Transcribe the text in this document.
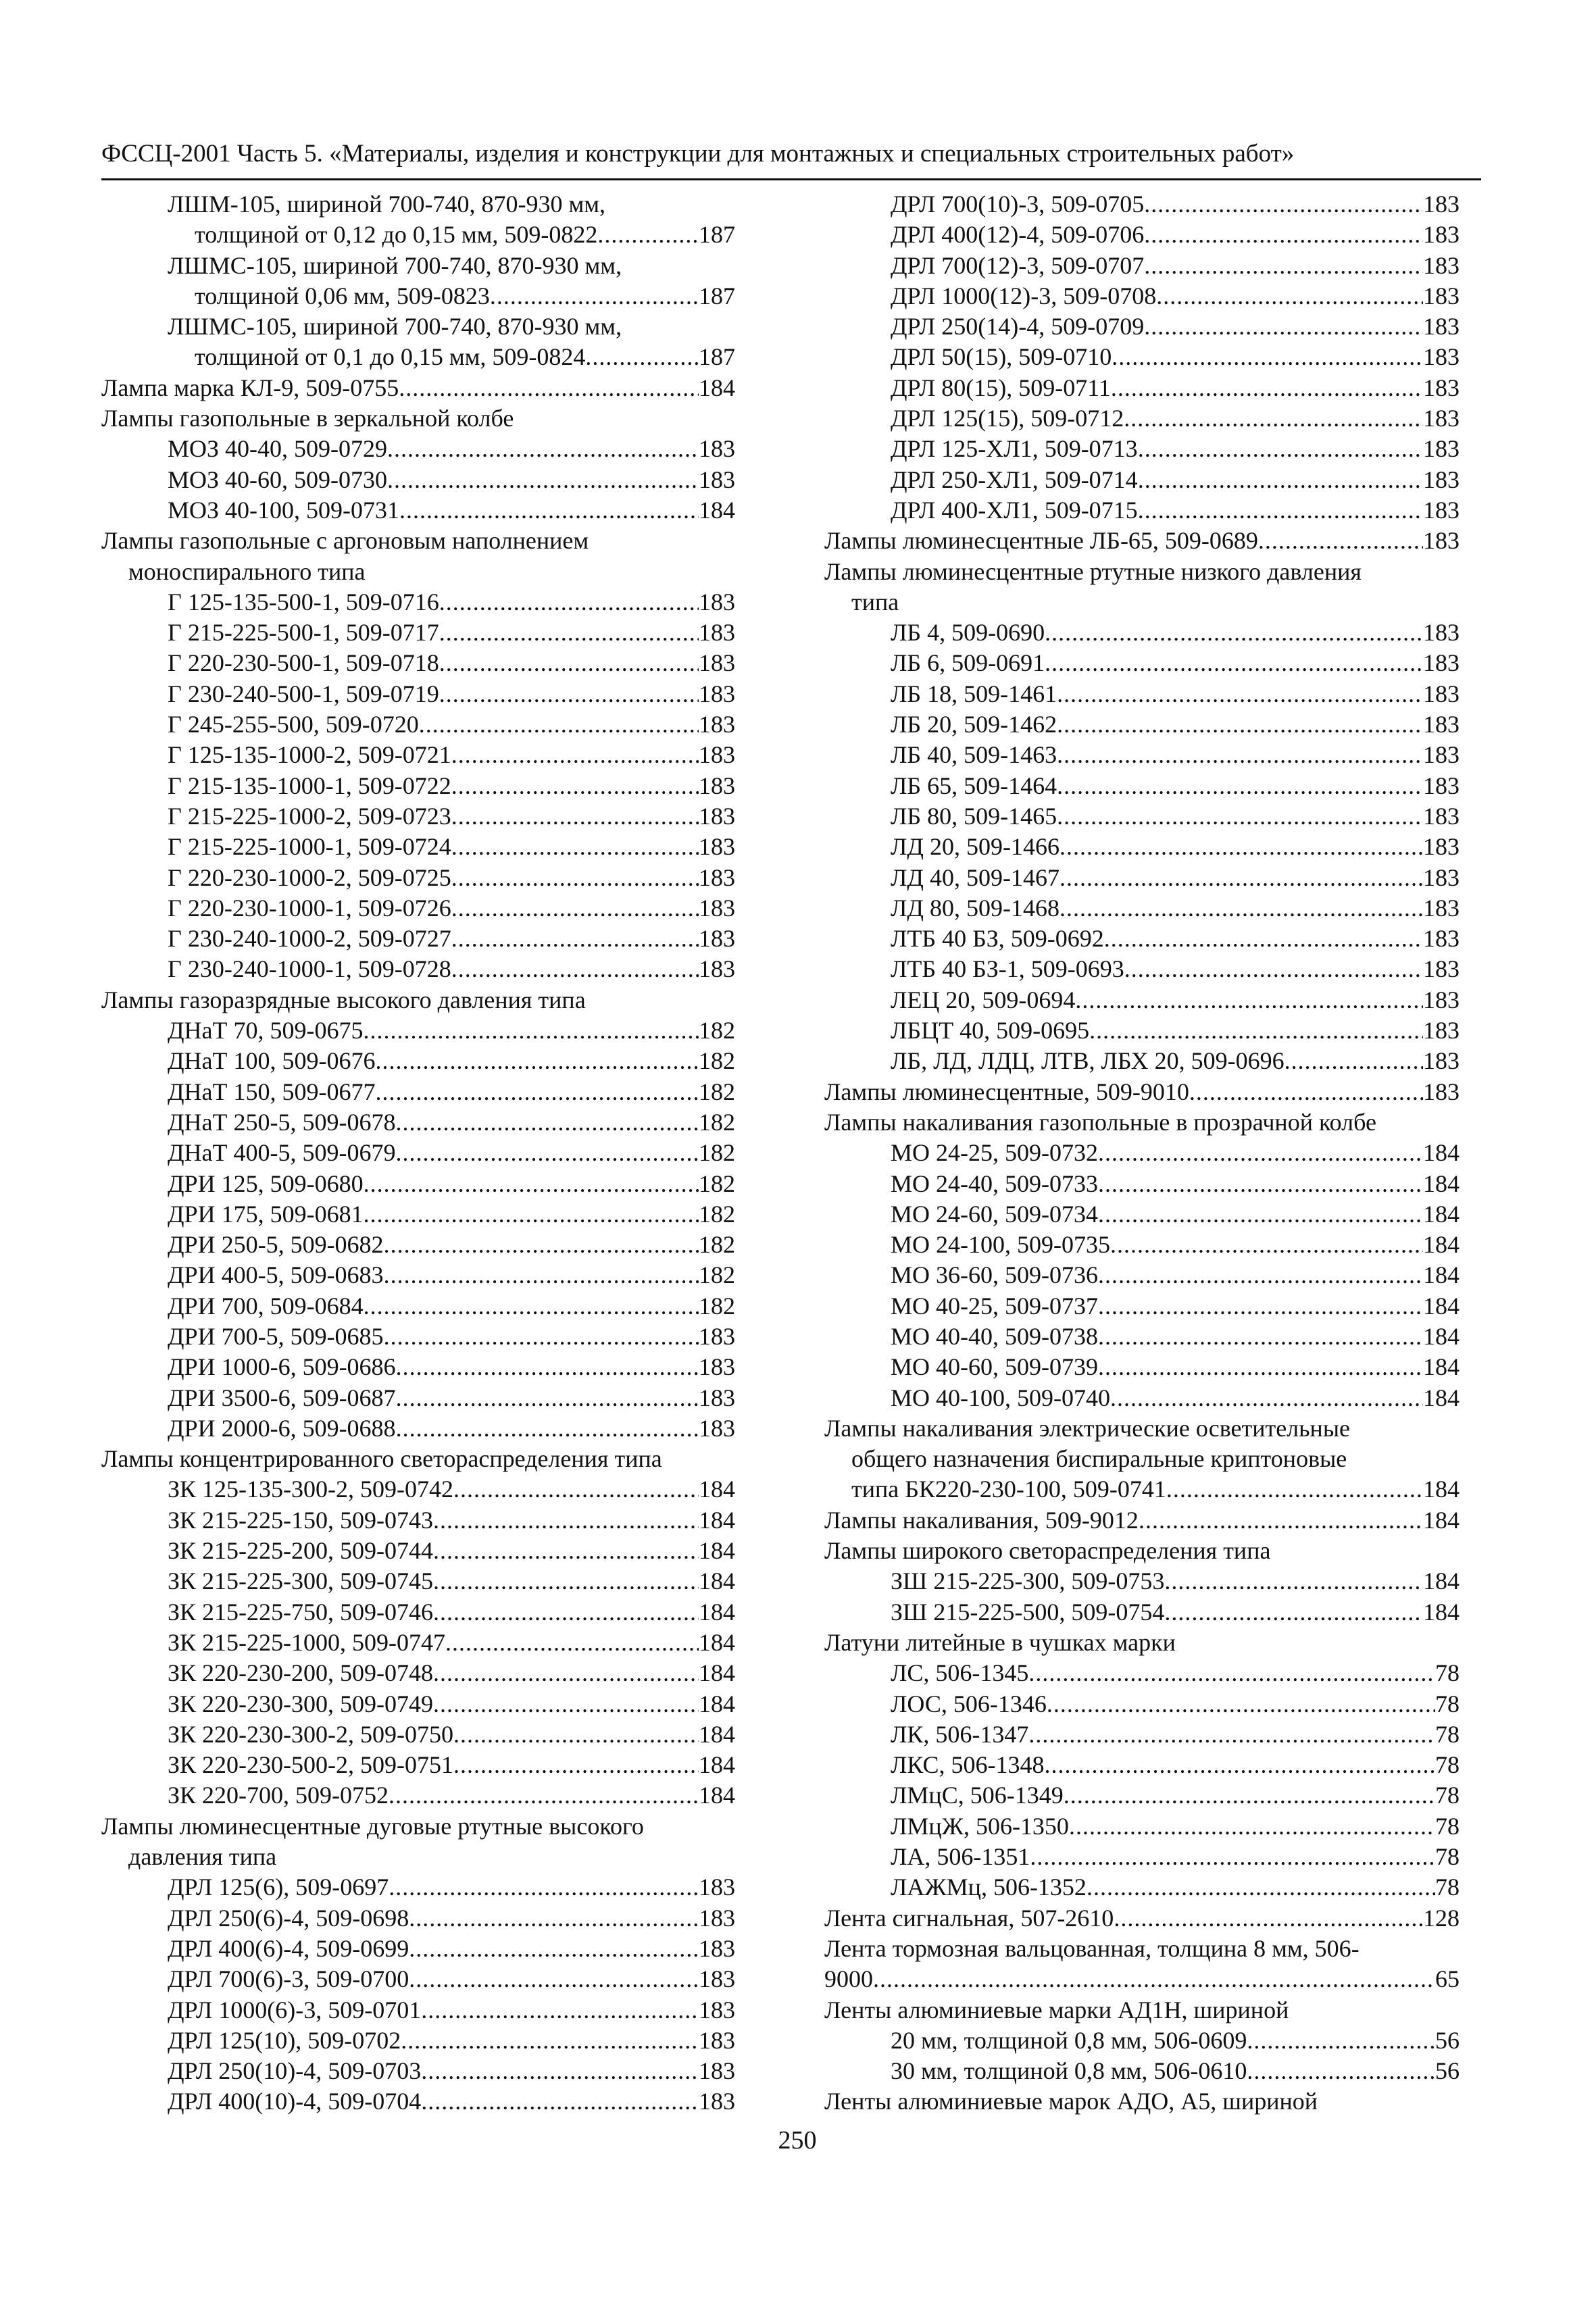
ФССЦ-2001 Часть 5. «Материалы, изделия и конструкции для монтажных и специальных строительных работ»
ЛШМ-105, шириной 700-740, 870-930 мм,
толщиной от 0,12 до 0,15 мм, 509-0822 .....	187
ЛШМС-105, шириной 700-740, 870-930 мм,
толщиной 0,06 мм, 509-0823 .....	187
ЛШМС-105, шириной 700-740, 870-930 мм,
толщиной от 0,1 до 0,15 мм, 509-0824 .....	187
Лампа марка КЛ-9, 509-0755 .....	184
Лампы газопольные в зеркальной колбе
МОЗ 40-40, 509-0729 .....	183
МОЗ 40-60, 509-0730 .....	183
МОЗ 40-100, 509-0731 .....	184
Лампы газопольные с аргоновым наполнением
моноспирального типа
Г 125-135-500-1, 509-0716 .....	183
Г 215-225-500-1, 509-0717 .....	183
Г 220-230-500-1, 509-0718 .....	183
Г 230-240-500-1, 509-0719 .....	183
Г 245-255-500, 509-0720 .....	183
Г 125-135-1000-2, 509-0721 .....	183
Г 215-135-1000-1, 509-0722 .....	183
Г 215-225-1000-2, 509-0723 .....	183
Г 215-225-1000-1, 509-0724 .....	183
Г 220-230-1000-2, 509-0725 .....	183
Г 220-230-1000-1, 509-0726 .....	183
Г 230-240-1000-2, 509-0727 .....	183
Г 230-240-1000-1, 509-0728 .....	183
Лампы газоразрядные высокого давления типа
ДНаТ 70, 509-0675 .....	182
ДНаТ 100, 509-0676 .....	182
ДНаТ 150, 509-0677 .....	182
ДНаТ 250-5, 509-0678 .....	182
ДНаТ 400-5, 509-0679 .....	182
ДРИ 125, 509-0680 .....	182
ДРИ 175, 509-0681 .....	182
ДРИ 250-5, 509-0682 .....	182
ДРИ 400-5, 509-0683 .....	182
ДРИ 700, 509-0684 .....	182
ДРИ 700-5, 509-0685 .....	183
ДРИ 1000-6, 509-0686 .....	183
ДРИ 3500-6, 509-0687 .....	183
ДРИ 2000-6, 509-0688 .....	183
Лампы концентрированного светораспределения типа
ЗК 125-135-300-2, 509-0742 .....	184
ЗК 215-225-150, 509-0743 .....	184
ЗК 215-225-200, 509-0744 .....	184
ЗК 215-225-300, 509-0745 .....	184
ЗК 215-225-750, 509-0746 .....	184
ЗК 215-225-1000, 509-0747 .....	184
ЗК 220-230-200, 509-0748 .....	184
ЗК 220-230-300, 509-0749 .....	184
ЗК 220-230-300-2, 509-0750 .....	184
ЗК 220-230-500-2, 509-0751 .....	184
ЗК 220-700, 509-0752 .....	184
Лампы люминесцентные дуговые ртутные высокого
давления типа
ДРЛ 125(6), 509-0697 .....	183
ДРЛ 250(6)-4, 509-0698 .....	183
ДРЛ 400(6)-4, 509-0699 .....	183
ДРЛ 700(6)-3, 509-0700 .....	183
ДРЛ 1000(6)-3, 509-0701 .....	183
ДРЛ 125(10), 509-0702 .....	183
ДРЛ 250(10)-4, 509-0703 .....	183
ДРЛ 400(10)-4, 509-0704 .....	183
ДРЛ 700(10)-3, 509-0705 .....	183
ДРЛ 400(12)-4, 509-0706 .....	183
ДРЛ 700(12)-3, 509-0707 .....	183
ДРЛ 1000(12)-3, 509-0708 .....	183
ДРЛ 250(14)-4, 509-0709 .....	183
ДРЛ 50(15), 509-0710 .....	183
ДРЛ 80(15), 509-0711 .....	183
ДРЛ 125(15), 509-0712 .....	183
ДРЛ 125-ХЛ1, 509-0713 .....	183
ДРЛ 250-ХЛ1, 509-0714 .....	183
ДРЛ 400-ХЛ1, 509-0715 .....	183
Лампы люминесцентные ЛБ-65, 509-0689 .....	183
Лампы люминесцентные ртутные низкого давления
типа
ЛБ 4, 509-0690 .....	183
ЛБ 6, 509-0691 .....	183
ЛБ 18, 509-1461 .....	183
ЛБ 20, 509-1462 .....	183
ЛБ 40, 509-1463 .....	183
ЛБ 65, 509-1464 .....	183
ЛБ 80, 509-1465 .....	183
ЛД 20, 509-1466 .....	183
ЛД 40, 509-1467 .....	183
ЛД 80, 509-1468 .....	183
ЛТБ 40 БЗ, 509-0692 .....	183
ЛТБ 40 БЗ-1, 509-0693 .....	183
ЛЕЦ 20, 509-0694 .....	183
ЛБЦТ 40, 509-0695 .....	183
ЛБ, ЛД, ЛДЦ, ЛТВ, ЛБХ 20, 509-0696 .....	183
Лампы люминесцентные, 509-9010 .....	183
Лампы накаливания газопольные в прозрачной колбе
МО 24-25, 509-0732 .....	184
МО 24-40, 509-0733 .....	184
МО 24-60, 509-0734 .....	184
МО 24-100, 509-0735 .....	184
МО 36-60, 509-0736 .....	184
МО 40-25, 509-0737 .....	184
МО 40-40, 509-0738 .....	184
МО 40-60, 509-0739 .....	184
МО 40-100, 509-0740 .....	184
Лампы накаливания электрические осветительные
общего назначения биспиральные криптоновые
типа БК220-230-100, 509-0741 .....	184
Лампы накаливания, 509-9012 .....	184
Лампы широкого светораспределения типа
ЗШ 215-225-300, 509-0753 .....	184
ЗШ 215-225-500, 509-0754 .....	184
Латуни литейные в чушках марки
ЛС, 506-1345 .....	78
ЛОС, 506-1346 .....	78
ЛК, 506-1347 .....	78
ЛКС, 506-1348 .....	78
ЛМцС, 506-1349 .....	78
ЛМцЖ, 506-1350 .....	78
ЛА, 506-1351 .....	78
ЛАЖМц, 506-1352 .....	78
Лента сигнальная, 507-2610 .....	128
Лента тормозная вальцованная, толщина 8 мм, 506-
9000 .....	65
Ленты алюминиевые марки АД1Н, шириной
20 мм, толщиной 0,8 мм, 506-0609 .....	56
30 мм, толщиной 0,8 мм, 506-0610 .....	56
Ленты алюминиевые марок АДО, А5, шириной
250
